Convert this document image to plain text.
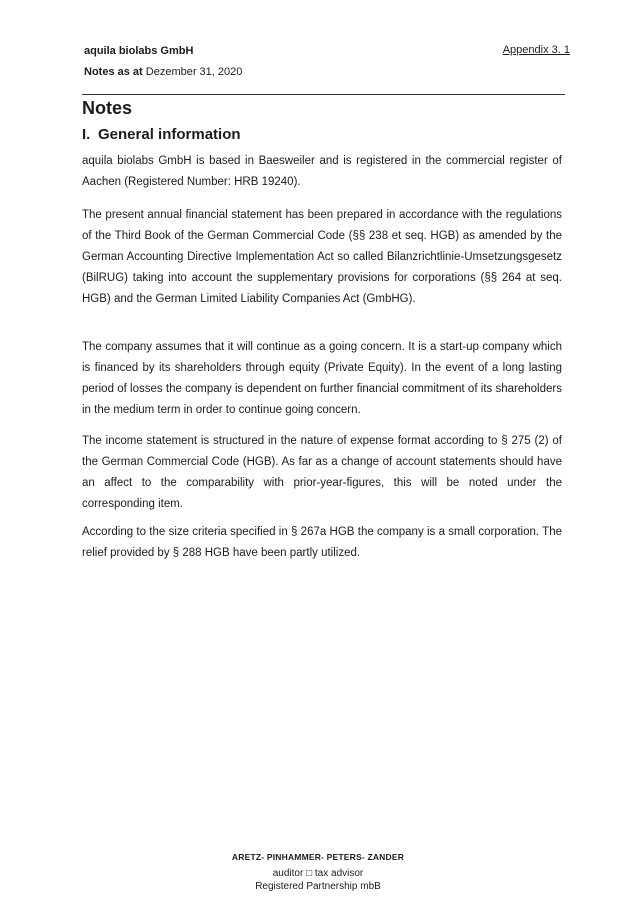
aquila biolabs GmbH
Notes as at Dezember 31, 2020
Appendix 3. 1
Notes
I. General information

aquila biolabs GmbH is based in Baesweiler and is registered in the commercial register of Aachen (Registered Number: HRB 19240).

The present annual financial statement has been prepared in accordance with the regulations of the Third Book of the German Commercial Code (§§ 238 et seq. HGB) as amended by the German Accounting Directive Implementation Act so called Bilanzrichtlinie-Umsetzungsgesetz (BilRUG) taking into account the supplementary provisions for corporations (§§ 264 at seq. HGB) and the German Limited Liability Companies Act (GmbHG).

The company assumes that it will continue as a going concern. It is a start-up company which is financed by its shareholders through equity (Private Equity). In the event of a long lasting period of losses the company is dependent on further financial commitment of its shareholders in the medium term in order to continue going concern.

The income statement is structured in the nature of expense format according to § 275 (2) of the German Commercial Code (HGB). As far as a change of account statements should have an affect to the comparability with prior-year-figures, this will be noted under the corresponding item.

According to the size criteria specified in § 267a HGB the company is a small corporation. The relief provided by § 288 HGB have been partly utilized.

ARETZ- PINHAMMER- PETERS- ZANDER
auditor □ tax advisor
Registered Partnership mbB
